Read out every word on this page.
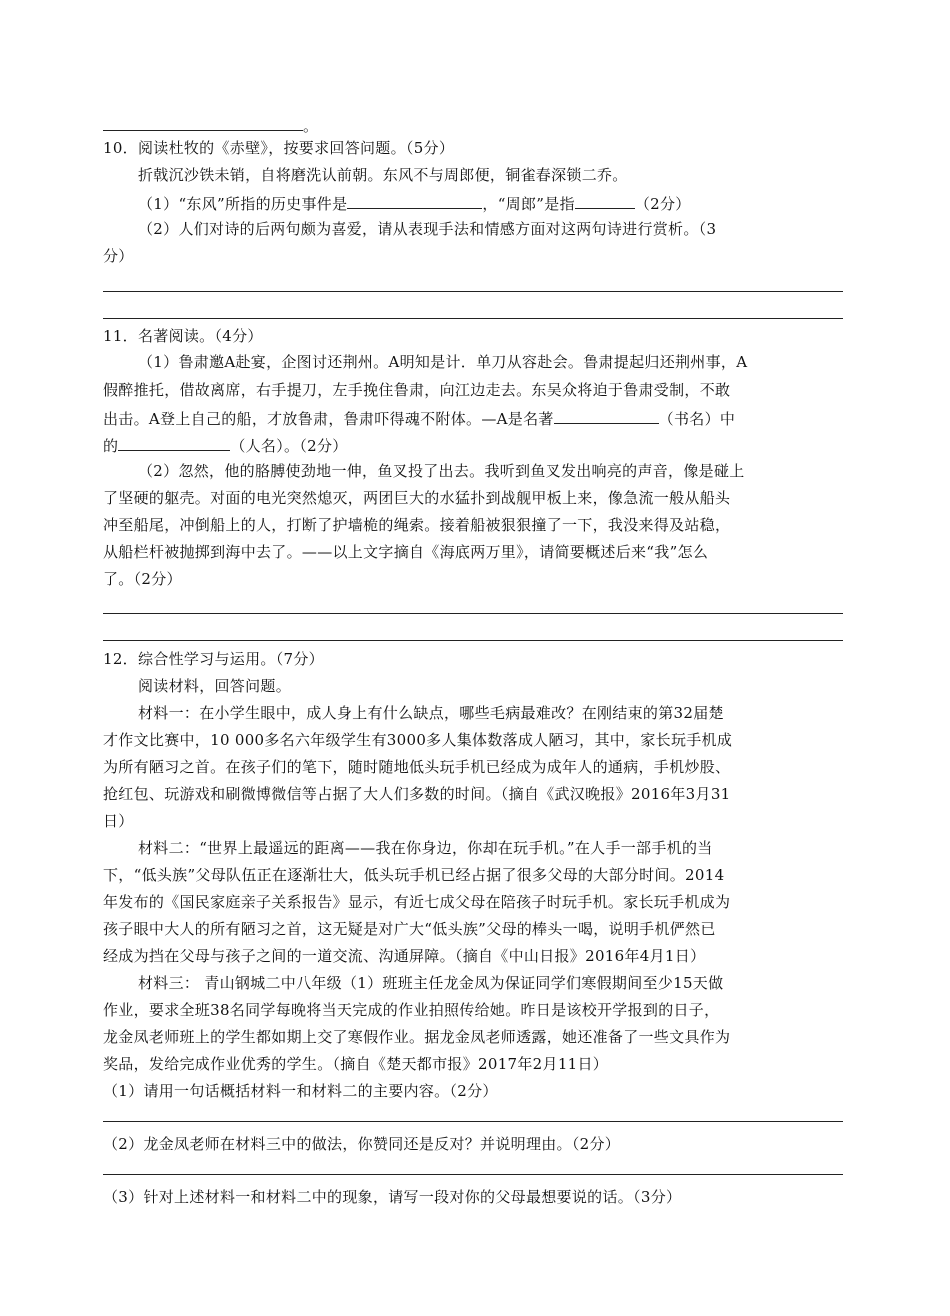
。
10．阅读杜牧的《赤壁》，按要求回答问题。（5分）
折戟沉沙铁未销，自将磨洗认前朝。东风不与周郎便，铜雀春深锁二乔。
（1）“东风”所指的历史事件是	，“周郎”是指	（2分）
（2）人们对诗的后两句颇为喜爱，请从表现手法和情感方面对这两句诗进行赏析。（3
分）
11．名著阅读。（4分）
（1）鲁肃邀A赴宴，企图讨还荆州。A明知是计．单刀从容赴会。鲁肃提起归还荆州事，A
假醉推托，借故离席，右手提刀，左手挽住鲁肃，向江边走去。东吴众将迫于鲁肃受制，不敢
出击。A登上自己的船，才放鲁肃，鲁肃吓得魂不附体。—A是名著	（书名）中
的	（人名）。（2分）
（2）忽然，他的胳膊使劲地一伸，鱼叉投了出去。我听到鱼叉发出响亮的声音，像是碰上
了坚硬的躯壳。对面的电光突然熄灭，两团巨大的水猛扑到战舰甲板上来，像急流一般从船头
冲至船尾，冲倒船上的人，打断了护墙桅的绳索。接着船被狠狠撞了一下，我没来得及站稳，
从船栏杆被抛掷到海中去了。——以上文字摘自《海底两万里》，请简要概述后来“我”怎么
了。（2分）
12．综合性学习与运用。（7分）
阅读材料，回答问题。
材料一：在小学生眼中，成人身上有什么缺点，哪些毛病最难改？在刚结束的第32届楚
才作文比赛中，10 000多名六年级学生有3000多人集体数落成人陋习，其中，家长玩手机成
为所有陋习之首。在孩子们的笔下，随时随地低头玩手机已经成为成年人的通病，手机炒股、
抢红包、玩游戏和刷微博微信等占据了大人们多数的时间。（摘自《武汉晚报》2016年3月31
日）
材料二：“世界上最遥远的距离——我在你身边，你却在玩手机。”在人手一部手机的当
下，“低头族”父母队伍正在逐渐壮大，低头玩手机已经占据了很多父母的大部分时间。2014
年发布的《国民家庭亲子关系报告》显示，有近七成父母在陪孩子时玩手机。家长玩手机成为
孩子眼中大人的所有陋习之首，这无疑是对广大“低头族”父母的棒头一喝，说明手机俨然已
经成为挡在父母与孩子之间的一道交流、沟通屏障。（摘自《中山日报》2016年4月1日）
材料三： 青山钢城二中八年级（1）班班主任龙金凤为保证同学们寒假期间至少15天做
作业，要求全班38名同学每晚将当天完成的作业拍照传给她。昨日是该校开学报到的日子，
龙金凤老师班上的学生都如期上交了寒假作业。据龙金凤老师透露，她还准备了一些文具作为
奖品，发给完成作业优秀的学生。（摘自《楚天都市报》2017年2月11日）
（1）请用一句话概括材料一和材料二的主要内容。（2分）
（2）龙金凤老师在材料三中的做法，你赞同还是反对？并说明理由。（2分）
（3）针对上述材料一和材料二中的现象，请写一段对你的父母最想要说的话。（3分）
